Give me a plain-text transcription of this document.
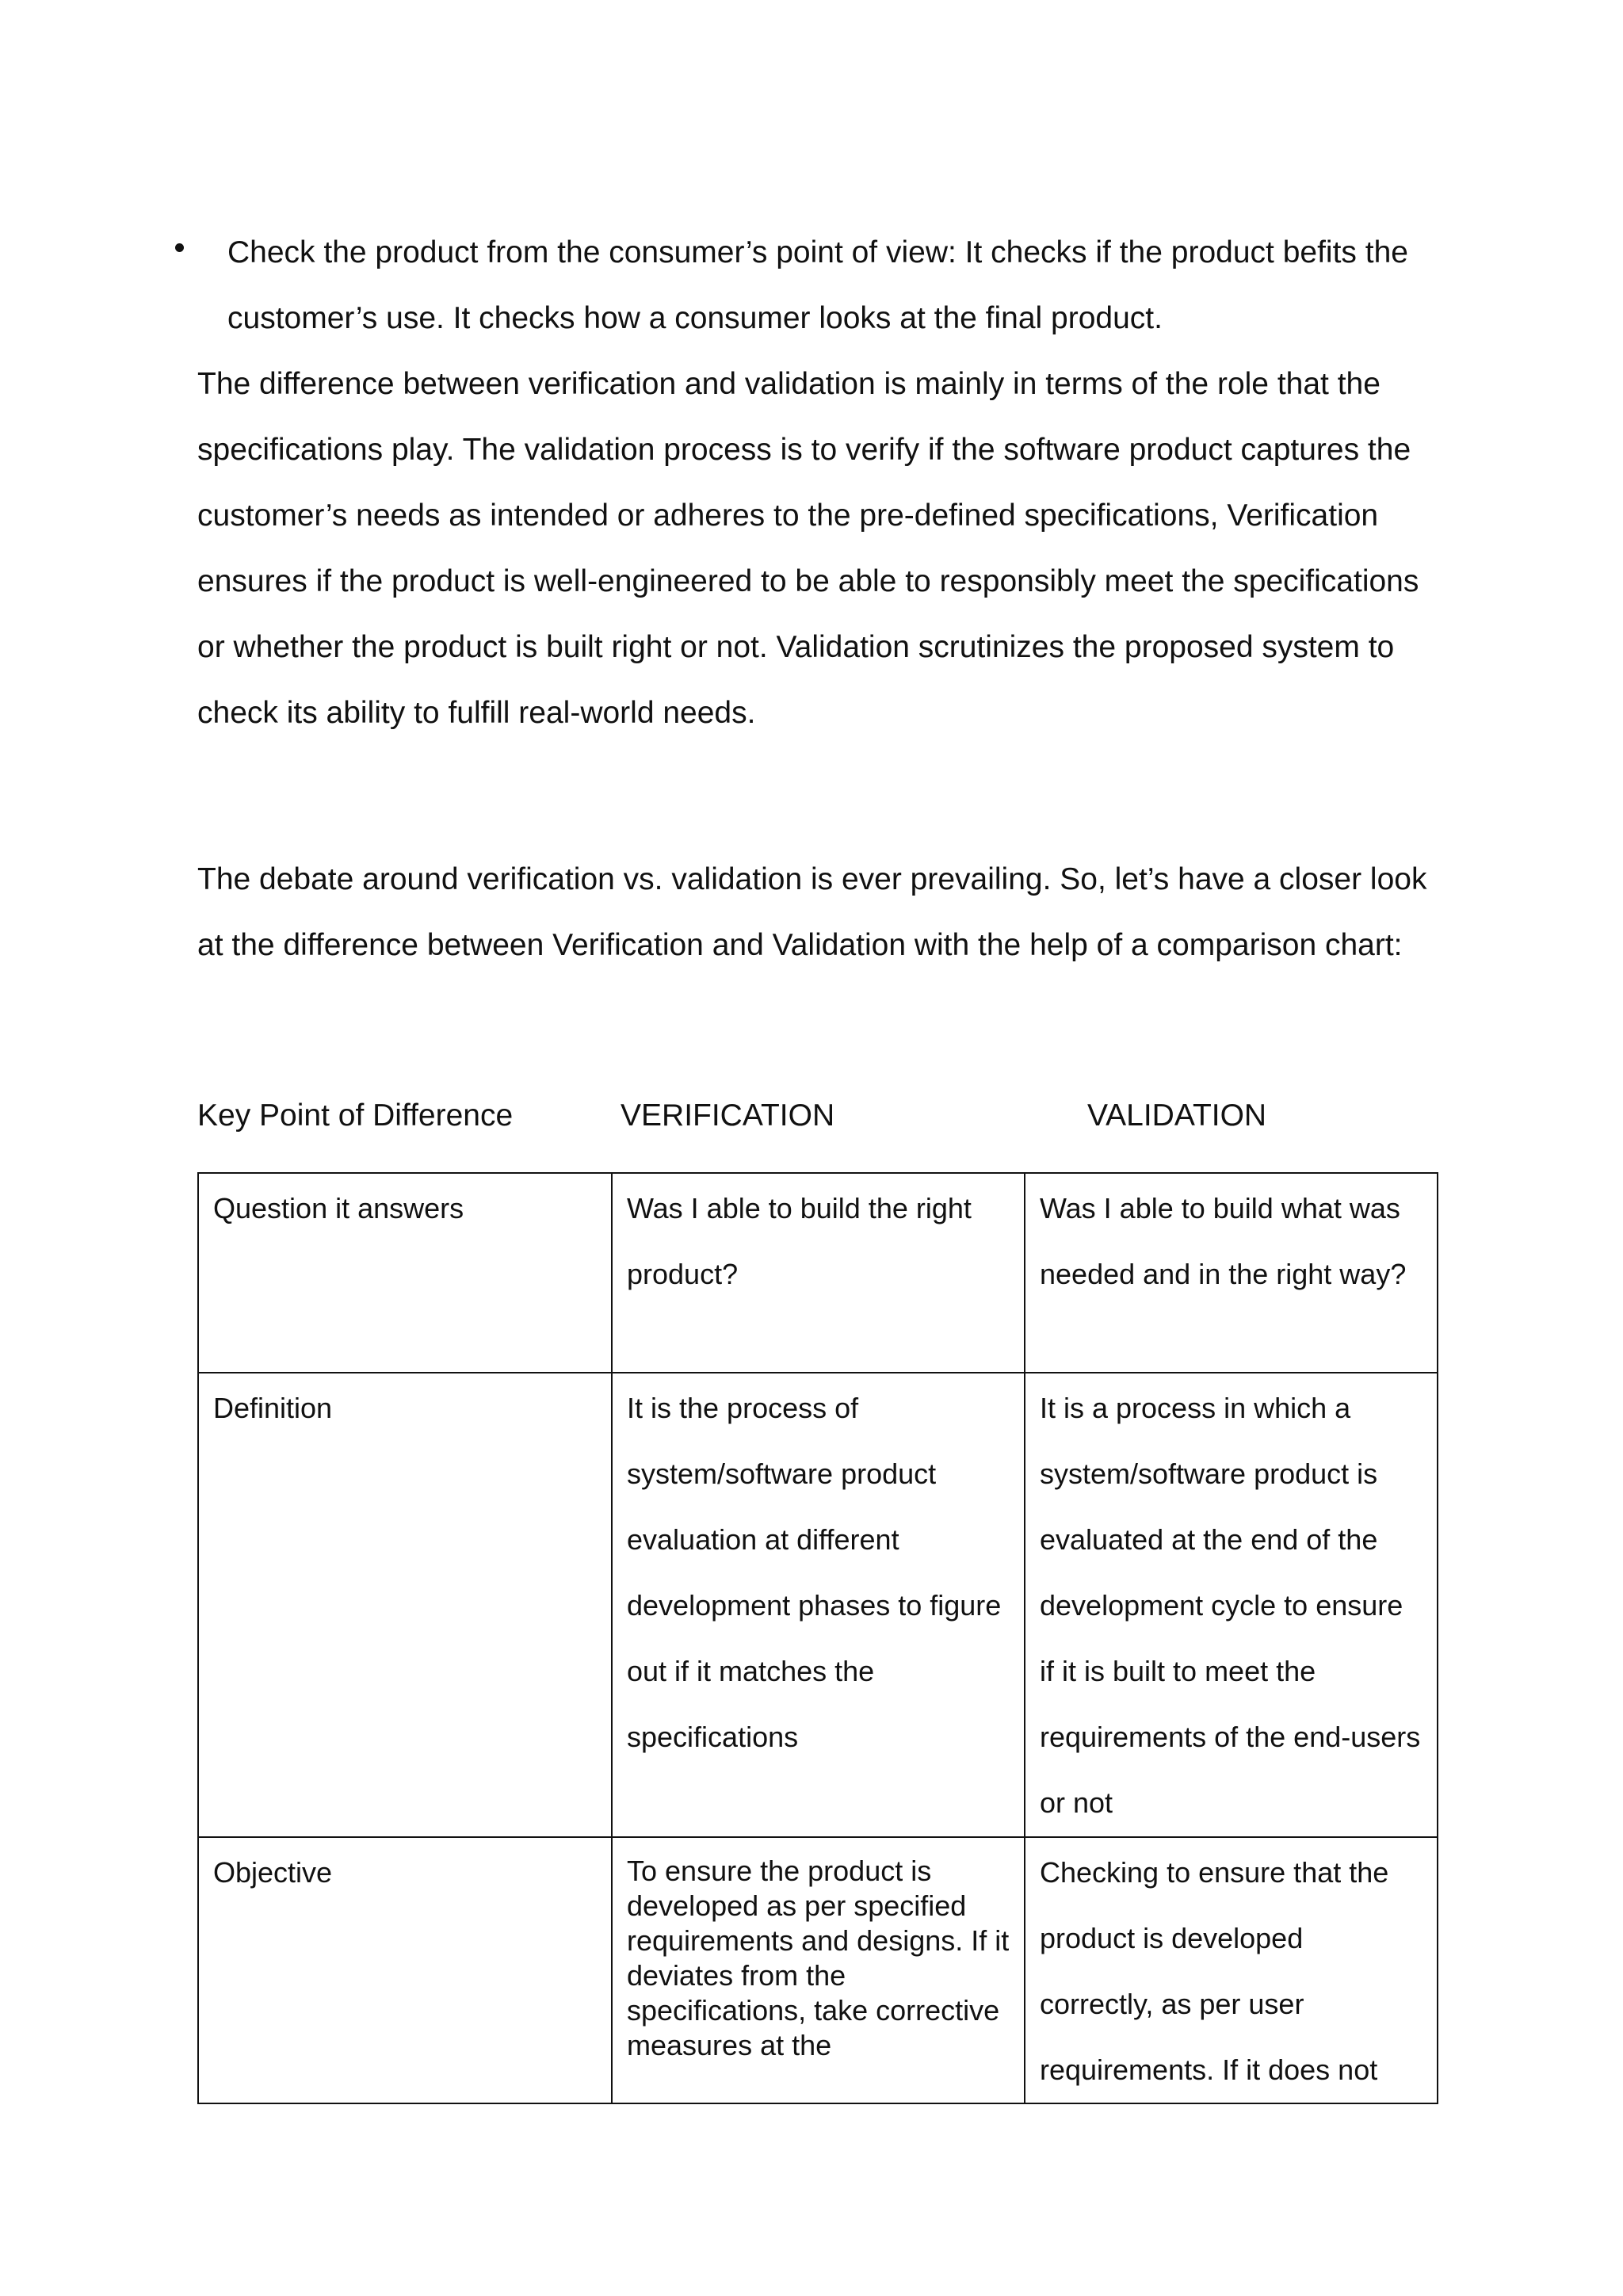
Check the product from the consumer’s point of view: It checks if the product befits the customer’s use. It checks how a consumer looks at the final product.

The difference between verification and validation is mainly in terms of the role that the specifications play. The validation process is to verify if the software product captures the customer’s needs as intended or adheres to the pre-defined specifications, Verification ensures if the product is well-engineered to be able to responsibly meet the specifications or whether the product is built right or not. Validation scrutinizes the proposed system to check its ability to fulfill real-world needs.

The debate around verification vs. validation is ever prevailing. So, let’s have a closer look at the difference between Verification and Validation with the help of a comparison chart:

Key Point of Difference	VERIFICATION	VALIDATION

Question it answers	Was I able to build the right product?	Was I able to build what was needed and in the right way?

Definition	It is the process of system/software product evaluation at different development phases to figure out if it matches the specifications	It is a process in which a system/software product is evaluated at the end of the development cycle to ensure if it is built to meet the requirements of the end-users or not

Objective	To ensure the product is developed as per specified requirements and designs. If it deviates from the specifications, take corrective measures at the	Checking to ensure that the product is developed correctly, as per user requirements. If it does not
